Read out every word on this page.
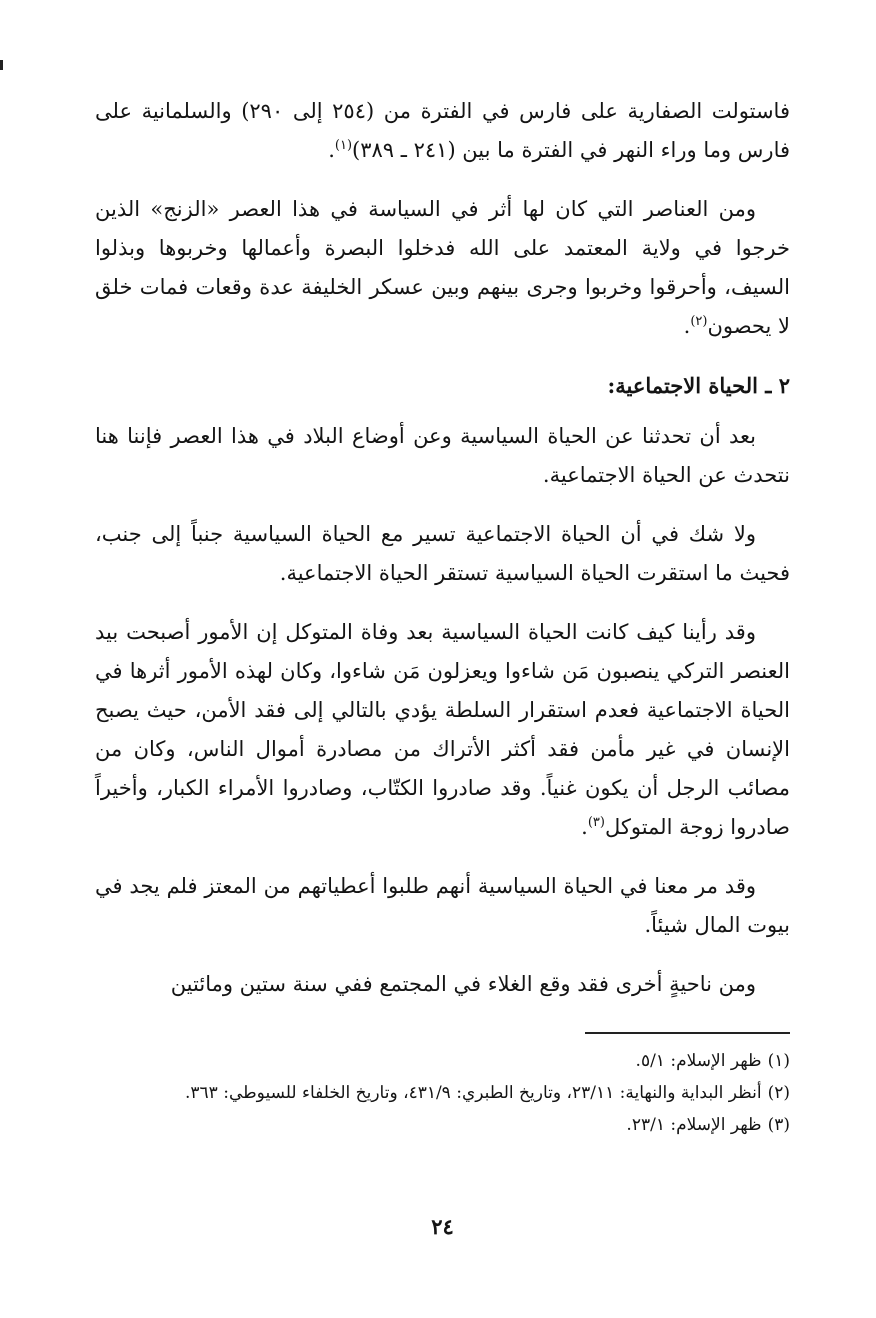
فاستولت الصفارية على فارس في الفترة من (٢٥٤ إلى ٢٩٠) والسلمانية على فارس وما وراء النهر في الفترة ما بين (٢٤١ ـ ٣٨٩)$^{(١)}$.

ومن العناصر التي كان لها أثر في السياسة في هذا العصر «الزنج» الذين خرجوا في ولاية المعتمد على الله فدخلوا البصرة وأعمالها وخربوها وبذلوا السيف، وأحرقوا وخربوا وجرى بينهم وبين عسكر الخليفة عدة وقعات فمات خلق لا يحصون$^{(٢)}$.

٢ ـ الحياة الاجتماعية:

بعد أن تحدثنا عن الحياة السياسية وعن أوضاع البلاد في هذا العصر فإننا هنا نتحدث عن الحياة الاجتماعية.

ولا شك في أن الحياة الاجتماعية تسير مع الحياة السياسية جنباً إلى جنب، فحيث ما استقرت الحياة السياسية تستقر الحياة الاجتماعية.

وقد رأينا كيف كانت الحياة السياسية بعد وفاة المتوكل إن الأمور أصبحت بيد العنصر التركي ينصبون مَن شاءوا ويعزلون مَن شاءوا، وكان لهذه الأمور أثرها في الحياة الاجتماعية فعدم استقرار السلطة يؤدي بالتالي إلى فقد الأمن، حيث يصبح الإنسان في غير مأمن فقد أكثر الأتراك من مصادرة أموال الناس، وكان من مصائب الرجل أن يكون غنياً. وقد صادروا الكتّاب، وصادروا الأمراء الكبار، وأخيراً صادروا زوجة المتوكل$^{(٣)}$.

وقد مر معنا في الحياة السياسية أنهم طلبوا أعطياتهم من المعتز فلم يجد في بيوت المال شيئاً.

ومن ناحيةٍ أخرى فقد وقع الغلاء في المجتمع ففي سنة ستين ومائتين

(١)
ظهر الإسلام: ٥/١.
(٢)
أنظر البداية والنهاية: ٢٣/١١، وتاريخ الطبري: ٤٣١/٩، وتاريخ الخلفاء للسيوطي: ٣٦٣.
(٣)
ظهر الإسلام: ٢٣/١.
٢٤
